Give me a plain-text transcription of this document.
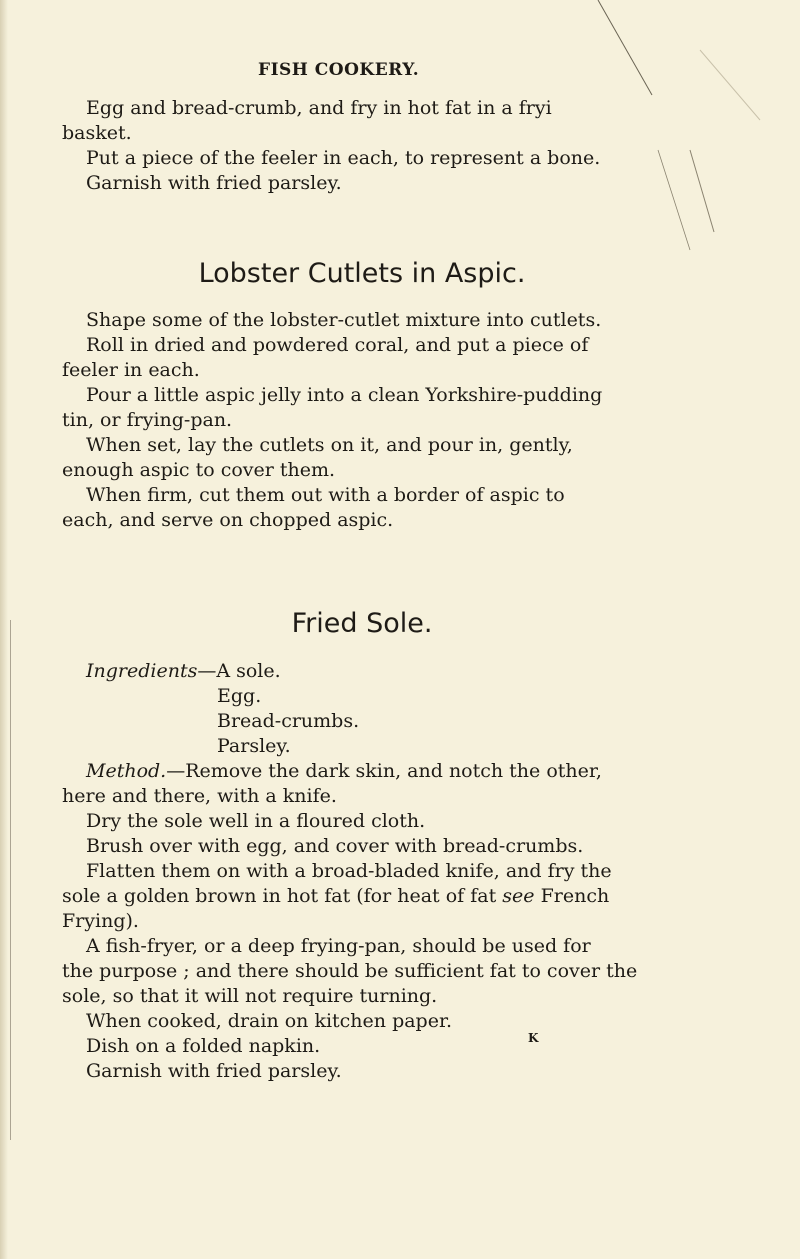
FISH COOKERY.
Egg and bread-crumb, and fry in hot fat in a fryi
basket.
Put a piece of the feeler in each, to represent a bone.
Garnish with fried parsley.
Lobster Cutlets in Aspic.
Shape some of the lobster-cutlet mixture into cutlets.
Roll in dried and powdered coral, and put a piece of
feeler in each.
Pour a little aspic jelly into a clean Yorkshire-pudding
tin, or frying-pan.
When set, lay the cutlets on it, and pour in, gently,
enough aspic to cover them.
When firm, cut them out with a border of aspic to
each, and serve on chopped aspic.
Fried Sole.
Ingredients—A sole.
Egg.
Bread-crumbs.
Parsley.
Method.—Remove the dark skin, and notch the other,
here and there, with a knife.
Dry the sole well in a floured cloth.
Brush over with egg, and cover with bread-crumbs.
Flatten them on with a broad-bladed knife, and fry the
sole a golden brown in hot fat (for heat of fat see French
Frying).
A fish-fryer, or a deep frying-pan, should be used for
the purpose ; and there should be sufficient fat to cover the
sole, so that it will not require turning.
When cooked, drain on kitchen paper.
Dish on a folded napkin.
Garnish with fried parsley.
K
